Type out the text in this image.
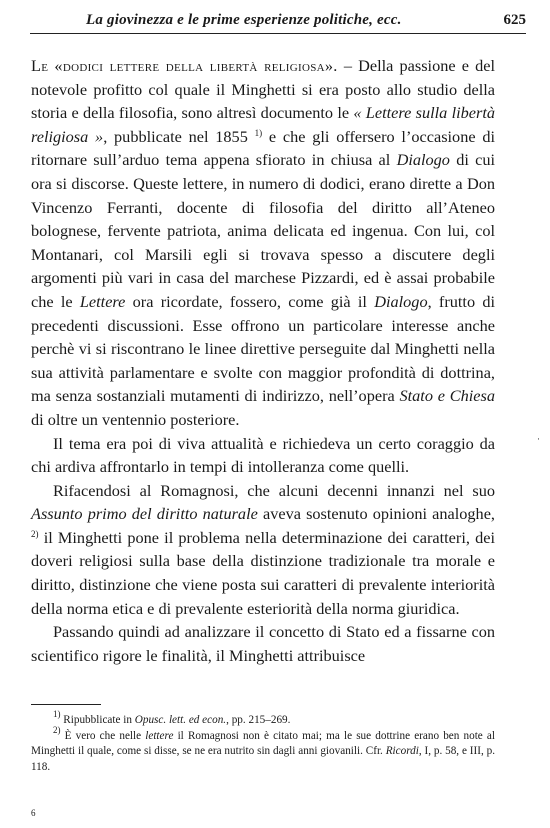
La giovinezza e le prime esperienze politiche, ecc.	625

Le «dodici lettere della libertà religiosa». – Della passione e del notevole profitto col quale il Minghetti si era posto allo studio della storia e della filosofia, sono altresì documento le « Lettere sulla libertà religiosa », pubblicate nel 1855 $^{1)}$ e che gli offersero l’occasione di ritornare sull’arduo tema appena sfiorato in chiusa al Dialogo di cui ora si discorse. Queste lettere, in numero di dodici, erano dirette a Don Vincenzo Ferranti, docente di filosofia del diritto all’Ateneo bolognese, fervente patriota, anima delicata ed ingenua. Con lui, col Montanari, col Marsili egli si trovava spesso a discutere degli argomenti più vari in casa del marchese Pizzardi, ed è assai probabile che le Lettere ora ricordate, fossero, come già il Dialogo, frutto di precedenti discussioni. Esse offrono un particolare interesse anche perchè vi si riscontrano le linee direttive perseguite dal Minghetti nella sua attività parlamentare e svolte con maggior profondità di dottrina, ma senza sostanziali mutamenti di indirizzo, nell’opera Stato e Chiesa di oltre un ventennio posteriore.

Il tema era poi di viva attualità e richiedeva un certo coraggio da chi ardiva affrontarlo in tempi di intolleranza come quelli.

Rifacendosi al Romagnosi, che alcuni decenni innanzi nel suo Assunto primo del diritto naturale aveva sostenuto opinioni analoghe, $^{2)}$ il Minghetti pone il problema nella determinazione dei caratteri, dei doveri religiosi sulla base della distinzione tradizionale tra morale e diritto, distinzione che viene posta sui caratteri di prevalente interiorità della norma etica e di prevalente esteriorità della norma giuridica.

Passando quindi ad analizzare il concetto di Stato ed a fissarne con scientifico rigore le finalità, il Minghetti attribuisce

$^{1)}$ Ripubblicate in Opusc. lett. ed econ., pp. 215–269.

$^{2)}$ È vero che nelle lettere il Romagnosi non è citato mai; ma le sue dottrine erano ben note al Minghetti il quale, come si disse, se ne era nutrito sin dagli anni giovanili. Cfr. Ricordi, I, p. 58, e III, p. 118.

·
6
